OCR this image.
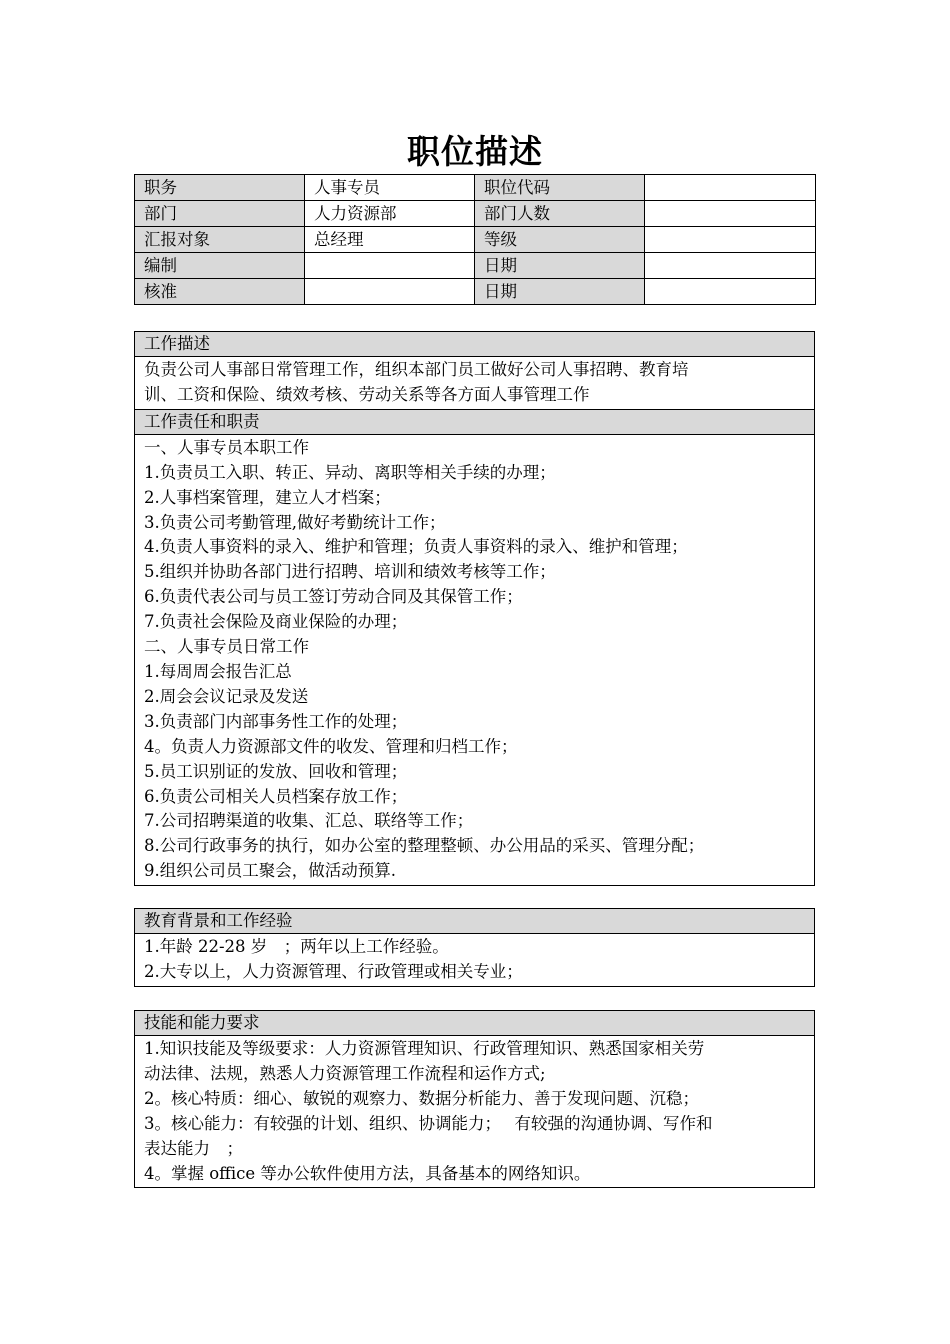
职位描述
职务	人事专员	职位代码	
部门	人力资源部	部门人数	
汇报对象	总经理	等级	
编制		日期	
核准		日期	
工作描述
负责公司人事部日常管理工作，组织本部门员工做好公司人事招聘、教育培
训、工资和保险、绩效考核、劳动关系等各方面人事管理工作
工作责任和职责
一、人事专员本职工作
1.负责员工入职、转正、异动、离职等相关手续的办理；
2.人事档案管理，建立人才档案；
3.负责公司考勤管理,做好考勤统计工作；
4.负责人事资料的录入、维护和管理；负责人事资料的录入、维护和管理；
5.组织并协助各部门进行招聘、培训和绩效考核等工作；
6.负责代表公司与员工签订劳动合同及其保管工作；
7.负责社会保险及商业保险的办理；
二、人事专员日常工作
1.每周周会报告汇总
2.周会会议记录及发送
3.负责部门内部事务性工作的处理；
4。负责人力资源部文件的收发、管理和归档工作；
5.员工识别证的发放、回收和管理；
6.负责公司相关人员档案存放工作；
7.公司招聘渠道的收集、汇总、联络等工作；
8.公司行政事务的执行，如办公室的整理整顿、办公用品的采买、管理分配；
9.组织公司员工聚会，做活动预算.
教育背景和工作经验
1.年龄 22-28 岁　；两年以上工作经验。
2.大专以上，人力资源管理、行政管理或相关专业；
技能和能力要求
1.知识技能及等级要求：人力资源管理知识、行政管理知识、熟悉国家相关劳
动法律、法规，熟悉人力资源管理工作流程和运作方式;
2。核心特质：细心、敏锐的观察力、数据分析能力、善于发现问题、沉稳；
3。核心能力：有较强的计划、组织、协调能力；　 有较强的沟通协调、写作和
表达能力　；
4。掌握 office 等办公软件使用方法，具备基本的网络知识。
